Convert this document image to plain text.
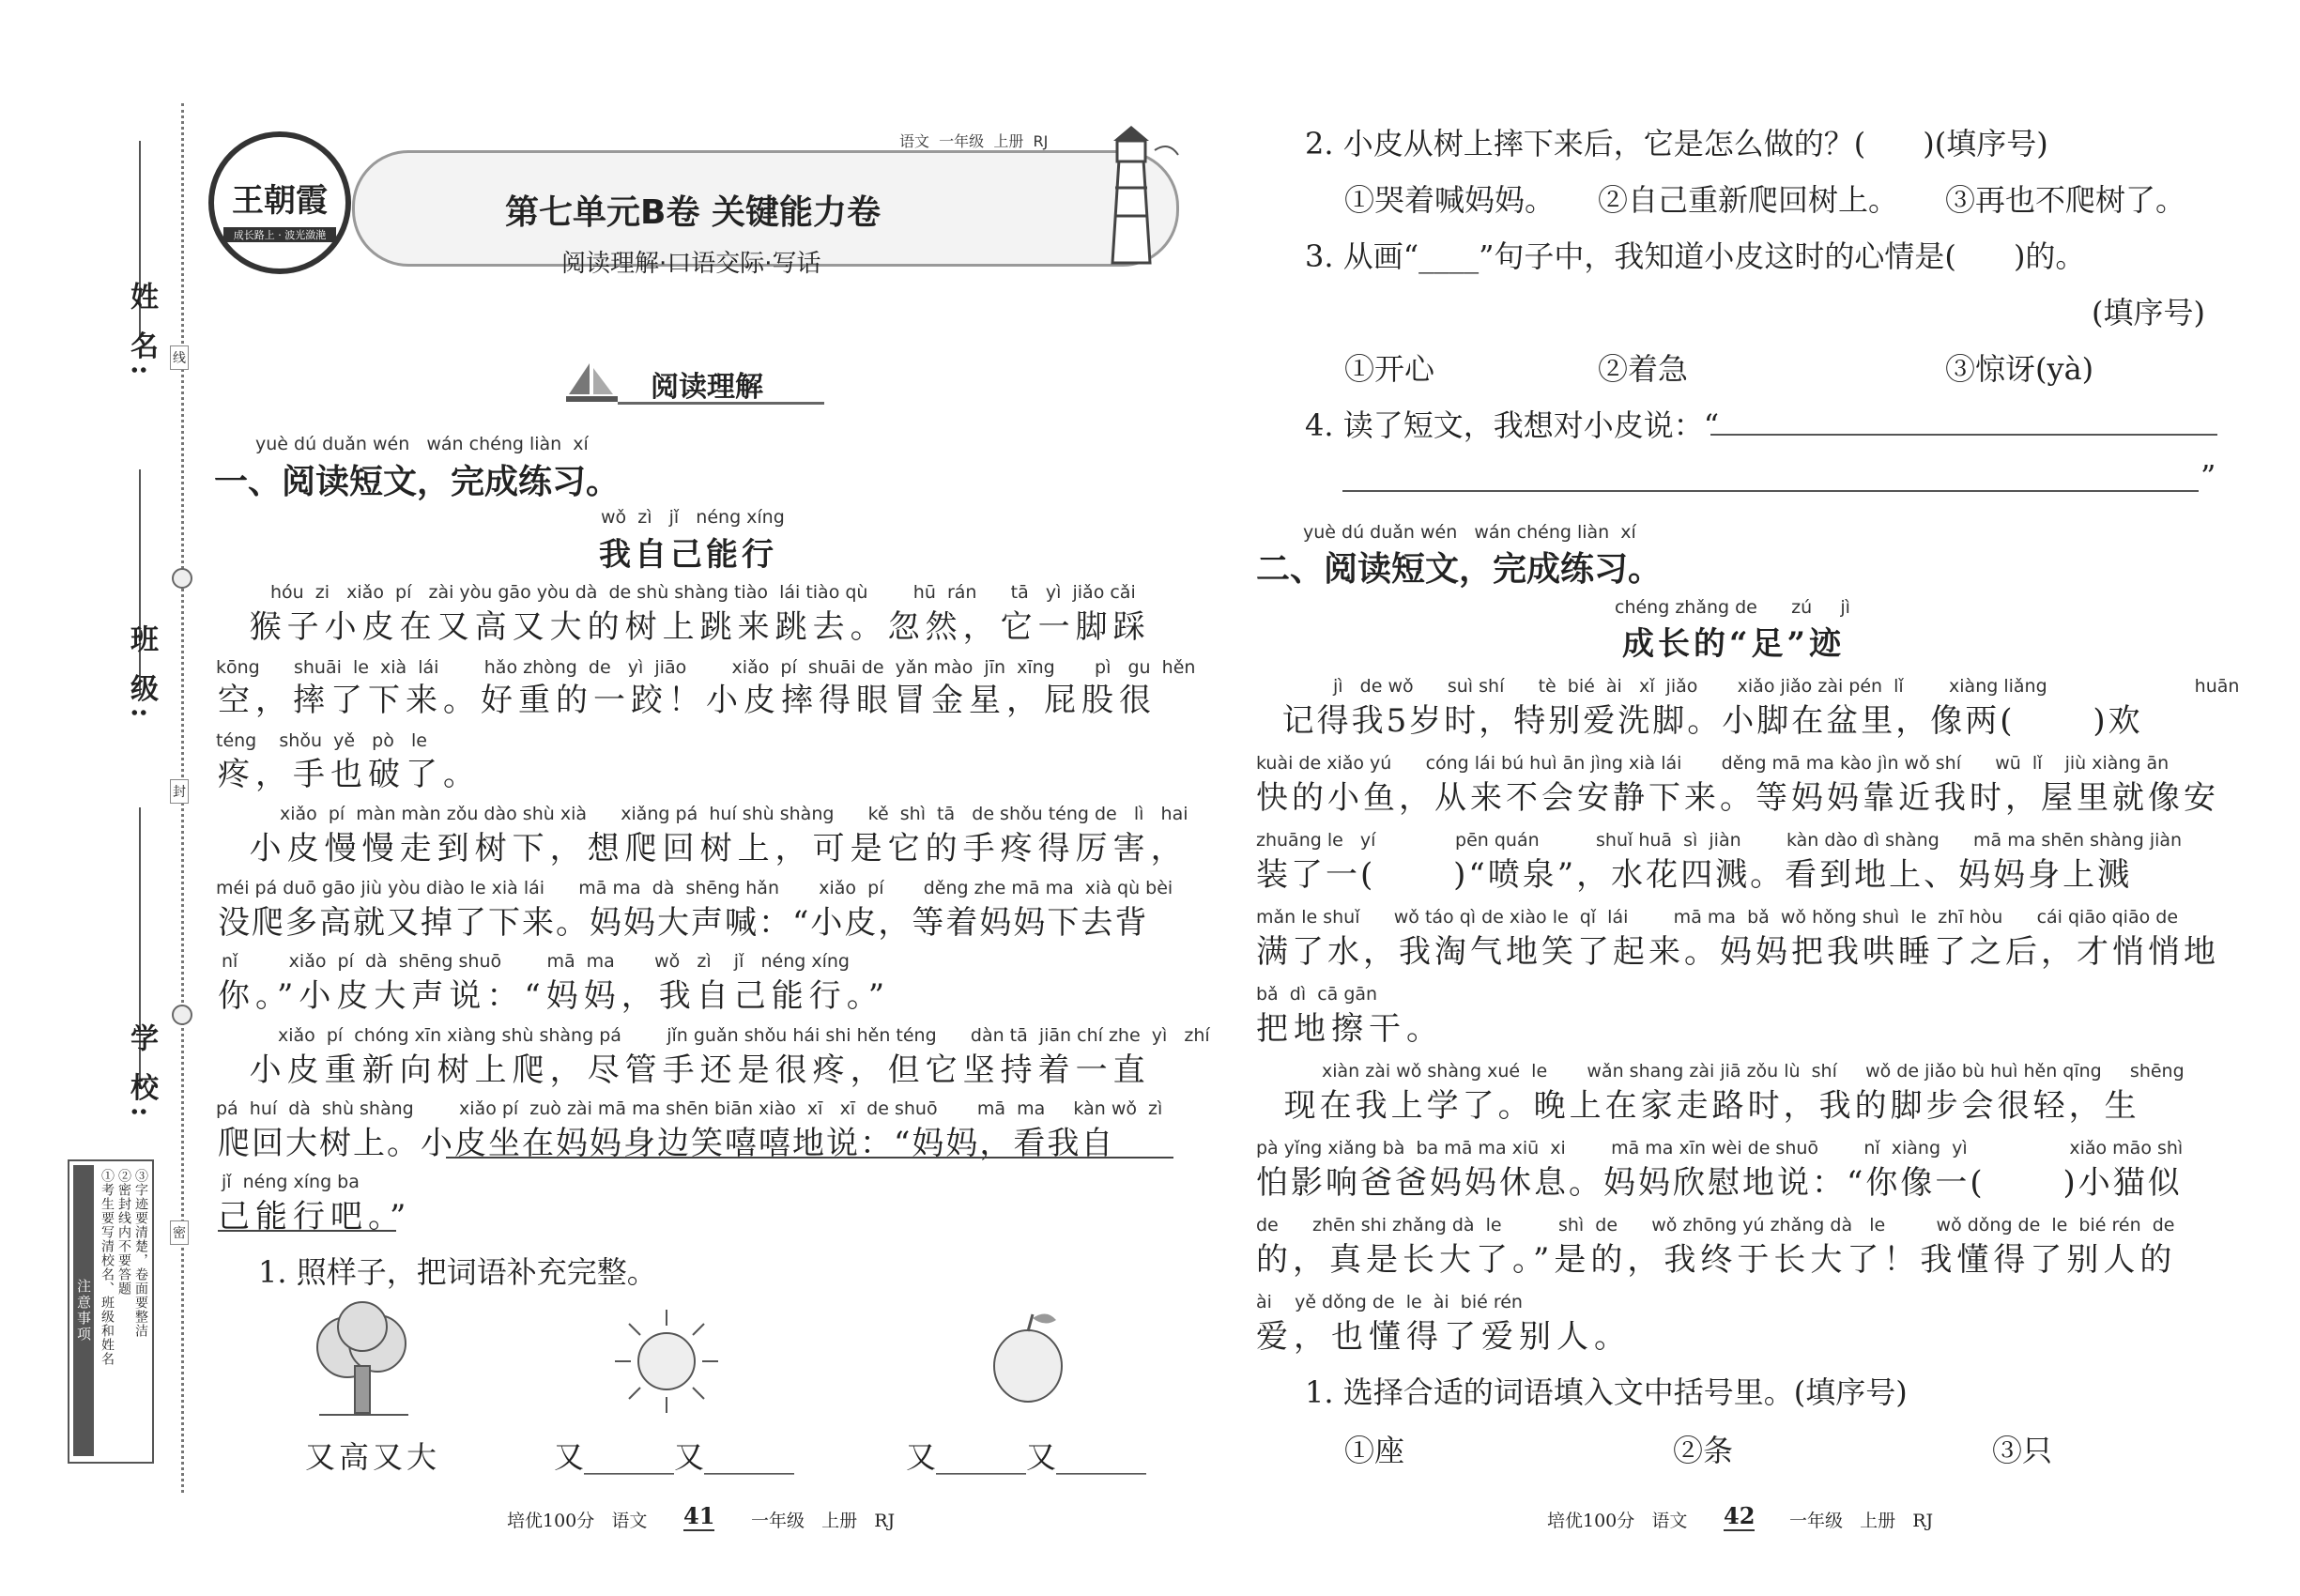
姓 名:
班 级:
学 校:
线
封
密
注意事项 ①考生要写清校名、班级和姓名 ②密封线内不要答题 ③字迹要清楚，卷面要整洁
王朝霞
成长路上 · 波光潋滟
语文  一年级  上册  RJ
第七单元B卷 关键能力卷
阅读理解·口语交际·写话
阅读理解
yuè dú duǎn wén   wán chéng liàn  xí
一、阅读短文，完成练习。
wǒ  zì   jǐ   néng xíng
我自己能行
hóu  zi   xiǎo  pí   zài yòu gāo yòu dà  de shù shàng tiào  lái tiào qù        hū  rán      tā   yì  jiǎo cǎi
猴子小皮在又高又大的树上跳来跳去。忽然，它一脚踩
kōng      shuāi  le  xià  lái        hǎo zhòng  de   yì  jiāo        xiǎo  pí  shuāi de  yǎn mào  jīn  xīng       pì   gu  hěn
空，摔了下来。好重的一跤！小皮摔得眼冒金星，屁股很
téng    shǒu  yě   pò   le
疼，手也破了。
xiǎo  pí  màn màn zǒu dào shù xià      xiǎng pá  huí shù shàng      kě  shì  tā   de shǒu téng de   lì   hai
小皮慢慢走到树下，想爬回树上，可是它的手疼得厉害，
méi pá duō gāo jiù yòu diào le xià lái      mā ma  dà  shēng hǎn       xiǎo  pí       děng zhe mā ma  xià qù bèi
没爬多高就又掉了下来。妈妈大声喊：“小皮，等着妈妈下去背
nǐ         xiǎo  pí  dà  shēng shuō        mā  ma       wǒ   zì    jǐ   néng xíng
你。”小皮大声说：“妈妈，我自己能行。”
xiǎo  pí  chóng xīn xiàng shù shàng pá        jǐn guǎn shǒu hái shi hěn téng      dàn tā  jiān chí zhe  yì   zhí
小皮重新向树上爬，尽管手还是很疼，但它坚持着一直
pá  huí  dà  shù shàng        xiǎo pí  zuò zài mā ma shēn biān xiào  xī   xī  de shuō       mā  ma     kàn wǒ  zì
爬回大树上。小皮坐在妈妈身边笑嘻嘻地说：“妈妈，看我自
jǐ  néng xíng ba
己能行吧。”
1. 照样子，把词语补充完整。
又高又大	又______又______	又______又______
培优100分   语文 41 一年级   上册   RJ
2. 小皮从树上摔下来后，它是怎么做的？(      )(填序号)
①哭着喊妈妈。 ②自己重新爬回树上。 ③再也不爬树了。
3. 从画“____”句子中，我知道小皮这时的心情是(      )的。
(填序号)
①开心	②着急	③惊讶(yà)
4. 读了短文，我想对小皮说：“
”
yuè dú duǎn wén   wán chéng liàn  xí
二、阅读短文，完成练习。
chéng zhǎng de      zú     jì
成长的“足”迹
jì   de wǒ      suì shí      tè  bié  ài   xǐ  jiǎo       xiǎo jiǎo zài pén  lǐ        xiàng liǎng                          huān
记得我5岁时，特别爱洗脚。小脚在盆里，像两(      )欢
kuài de xiǎo yú      cóng lái bú huì ān jìng xià lái       děng mā ma kào jìn wǒ shí      wū  lǐ    jiù xiàng ān
快的小鱼，从来不会安静下来。等妈妈靠近我时，屋里就像安
zhuāng le   yí              pēn quán          shuǐ huā  sì  jiàn        kàn dào dì shàng      mā ma shēn shàng jiàn
装了一(      )“喷泉”，水花四溅。看到地上、妈妈身上溅
mǎn le shuǐ      wǒ táo qì de xiào le  qǐ  lái        mā ma  bǎ  wǒ hǒng shuì  le  zhī hòu      cái qiāo qiāo de
满了水，我淘气地笑了起来。妈妈把我哄睡了之后，才悄悄地
bǎ  dì  cā gān
把地擦干。
xiàn zài wǒ shàng xué  le       wǎn shang zài jiā zǒu lù  shí     wǒ de jiǎo bù huì hěn qīng     shēng
现在我上学了。晚上在家走路时，我的脚步会很轻，生
pà yǐng xiǎng bà  ba mā ma xiū  xi        mā ma xīn wèi de shuō        nǐ  xiàng  yì                  xiǎo māo shì
怕影响爸爸妈妈休息。妈妈欣慰地说：“你像一(      )小猫似
de      zhēn shi zhǎng dà  le          shì  de      wǒ zhōng yú zhǎng dà   le         wǒ dǒng de  le  bié rén  de
的，真是长大了。”是的，我终于长大了！我懂得了别人的
ài    yě dǒng de  le  ài  bié rén
爱，也懂得了爱别人。
1. 选择合适的词语填入文中括号里。(填序号)
①座	②条	③只
培优100分   语文 42 一年级   上册   RJ
